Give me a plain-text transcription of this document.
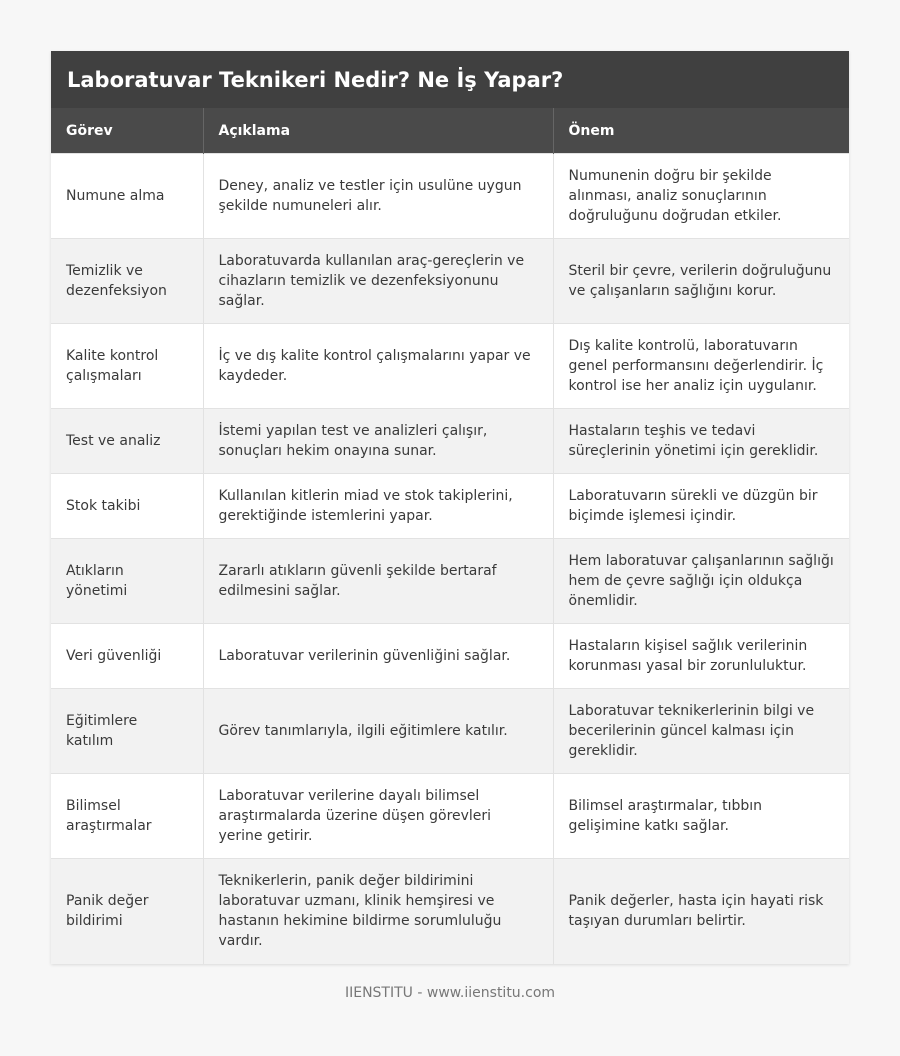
Laboratuvar Teknikeri Nedir? Ne İş Yapar?
Görev	Açıklama	Önem
Numune alma	Deney, analiz ve testler için usulüne uygun şekilde numuneleri alır.	Numunenin doğru bir şekilde alınması, analiz sonuçlarının doğruluğunu doğrudan etkiler.
Temizlik ve dezenfeksiyon	Laboratuvarda kullanılan araç-gereçlerin ve cihazların temizlik ve dezenfeksiyonunu sağlar.	Steril bir çevre, verilerin doğruluğunu ve çalışanların sağlığını korur.
Kalite kontrol çalışmaları	İç ve dış kalite kontrol çalışmalarını yapar ve kaydeder.	Dış kalite kontrolü, laboratuvarın genel performansını değerlendirir. İç kontrol ise her analiz için uygulanır.
Test ve analiz	İstemi yapılan test ve analizleri çalışır, sonuçları hekim onayına sunar.	Hastaların teşhis ve tedavi süreçlerinin yönetimi için gereklidir.
Stok takibi	Kullanılan kitlerin miad ve stok takiplerini, gerektiğinde istemlerini yapar.	Laboratuvarın sürekli ve düzgün bir biçimde işlemesi içindir.
Atıkların yönetimi	Zararlı atıkların güvenli şekilde bertaraf edilmesini sağlar.	Hem laboratuvar çalışanlarının sağlığı hem de çevre sağlığı için oldukça önemlidir.
Veri güvenliği	Laboratuvar verilerinin güvenliğini sağlar.	Hastaların kişisel sağlık verilerinin korunması yasal bir zorunluluktur.
Eğitimlere katılım	Görev tanımlarıyla, ilgili eğitimlere katılır.	Laboratuvar teknikerlerinin bilgi ve becerilerinin güncel kalması için gereklidir.
Bilimsel araştırmalar	Laboratuvar verilerine dayalı bilimsel araştırmalarda üzerine düşen görevleri yerine getirir.	Bilimsel araştırmalar, tıbbın gelişimine katkı sağlar.
Panik değer bildirimi	Teknikerlerin, panik değer bildirimini laboratuvar uzmanı, klinik hemşiresi ve hastanın hekimine bildirme sorumluluğu vardır.	Panik değerler, hasta için hayati risk taşıyan durumları belirtir.
IIENSTITU - www.iienstitu.com
